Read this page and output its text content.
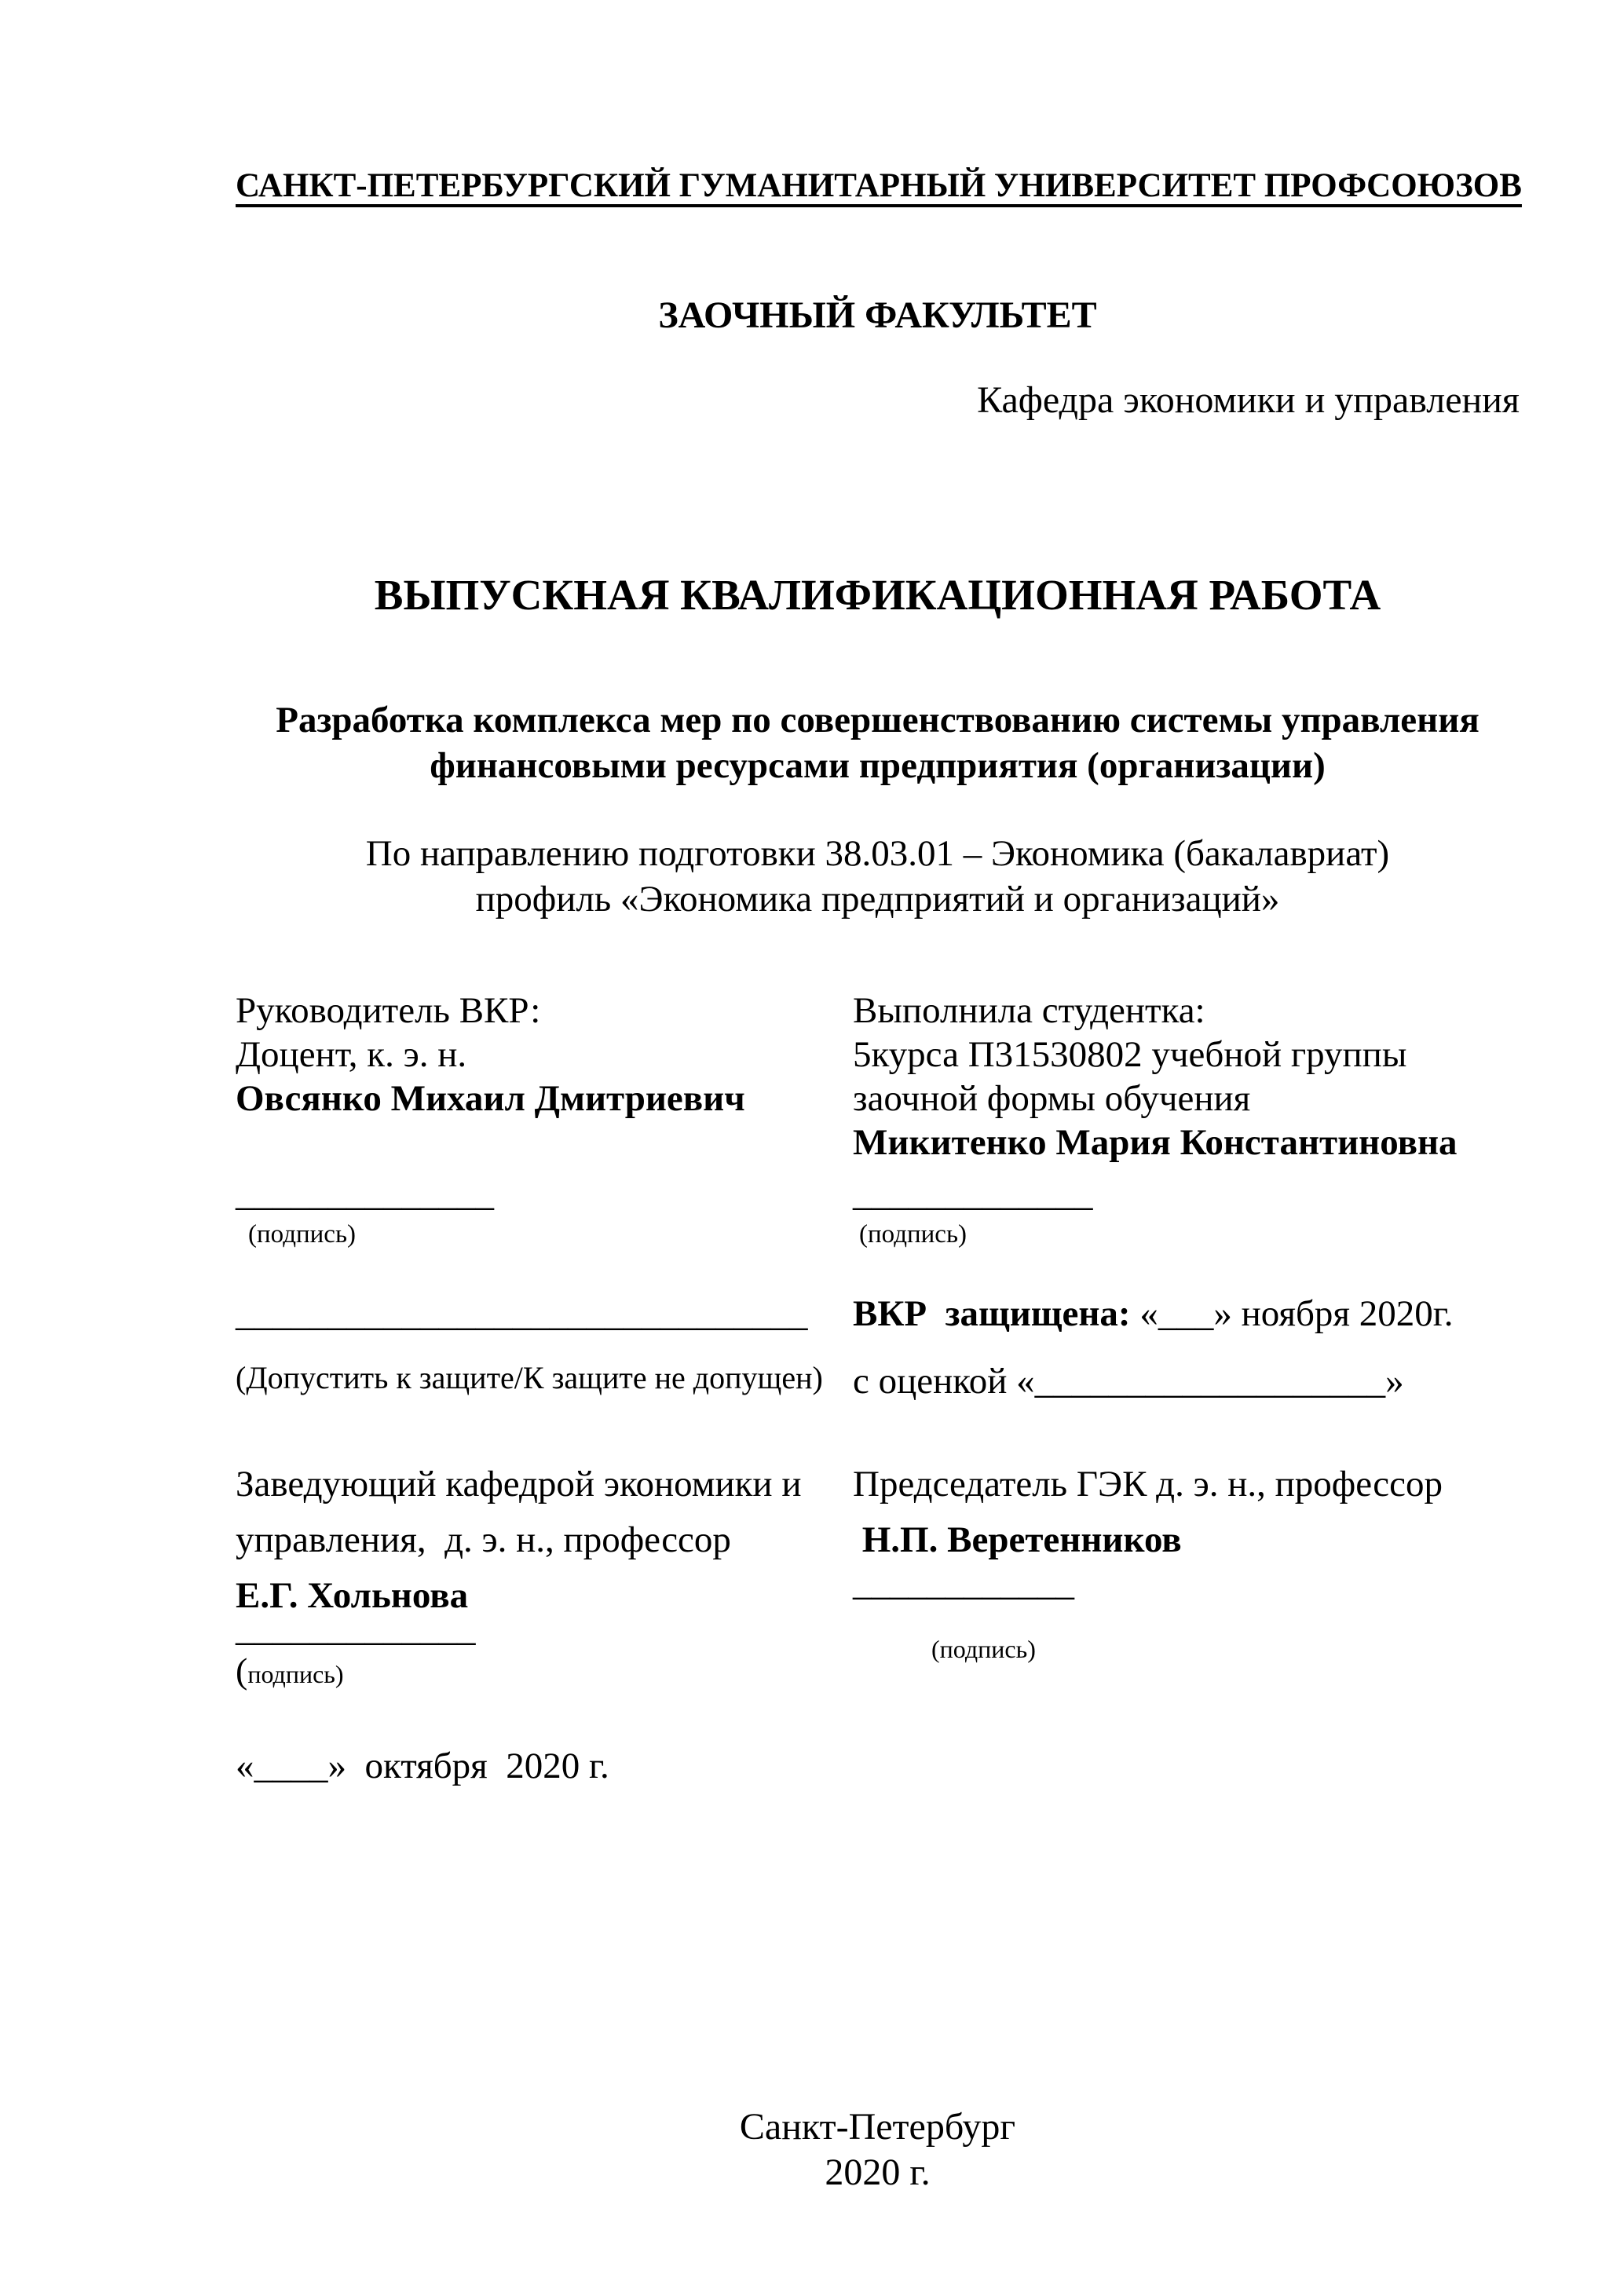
САНКТ-ПЕТЕРБУРГСКИЙ ГУМАНИТАРНЫЙ УНИВЕРСИТЕТ ПРОФСОЮЗОВ
ЗАОЧНЫЙ ФАКУЛЬТЕТ
Кафедра экономики и управления
ВЫПУСКНАЯ КВАЛИФИКАЦИОННАЯ РАБОТА
Разработка комплекса мер по совершенствованию системы управления
финансовыми ресурсами предприятия (организации)
По направлению подготовки 38.03.01 – Экономика (бакалавриат)
профиль «Экономика предприятий и организаций»
Руководитель ВКР:
Доцент, к. э. н.
Овсянко Михаил Дмитриевич
Выполнила студентка:
5курса П31530802 учебной группы
заочной формы обучения
Микитенко Мария Константиновна
______________
(подпись)
_____________
(подпись)
_______________________________
(Допустить к защите/К защите не допущен)
ВКР  защищена: «___» ноября 2020г.
с оценкой «___________________»
Заведующий кафедрой экономики и
управления,  д. э. н., профессор
Е.Г. Хольнова
Председатель ГЭК д. э. н., профессор
Н.П. Веретенников
____________
(подпись)
_____________
(подпись)
«____»  октября  2020 г.
Санкт-Петербург
2020 г.
